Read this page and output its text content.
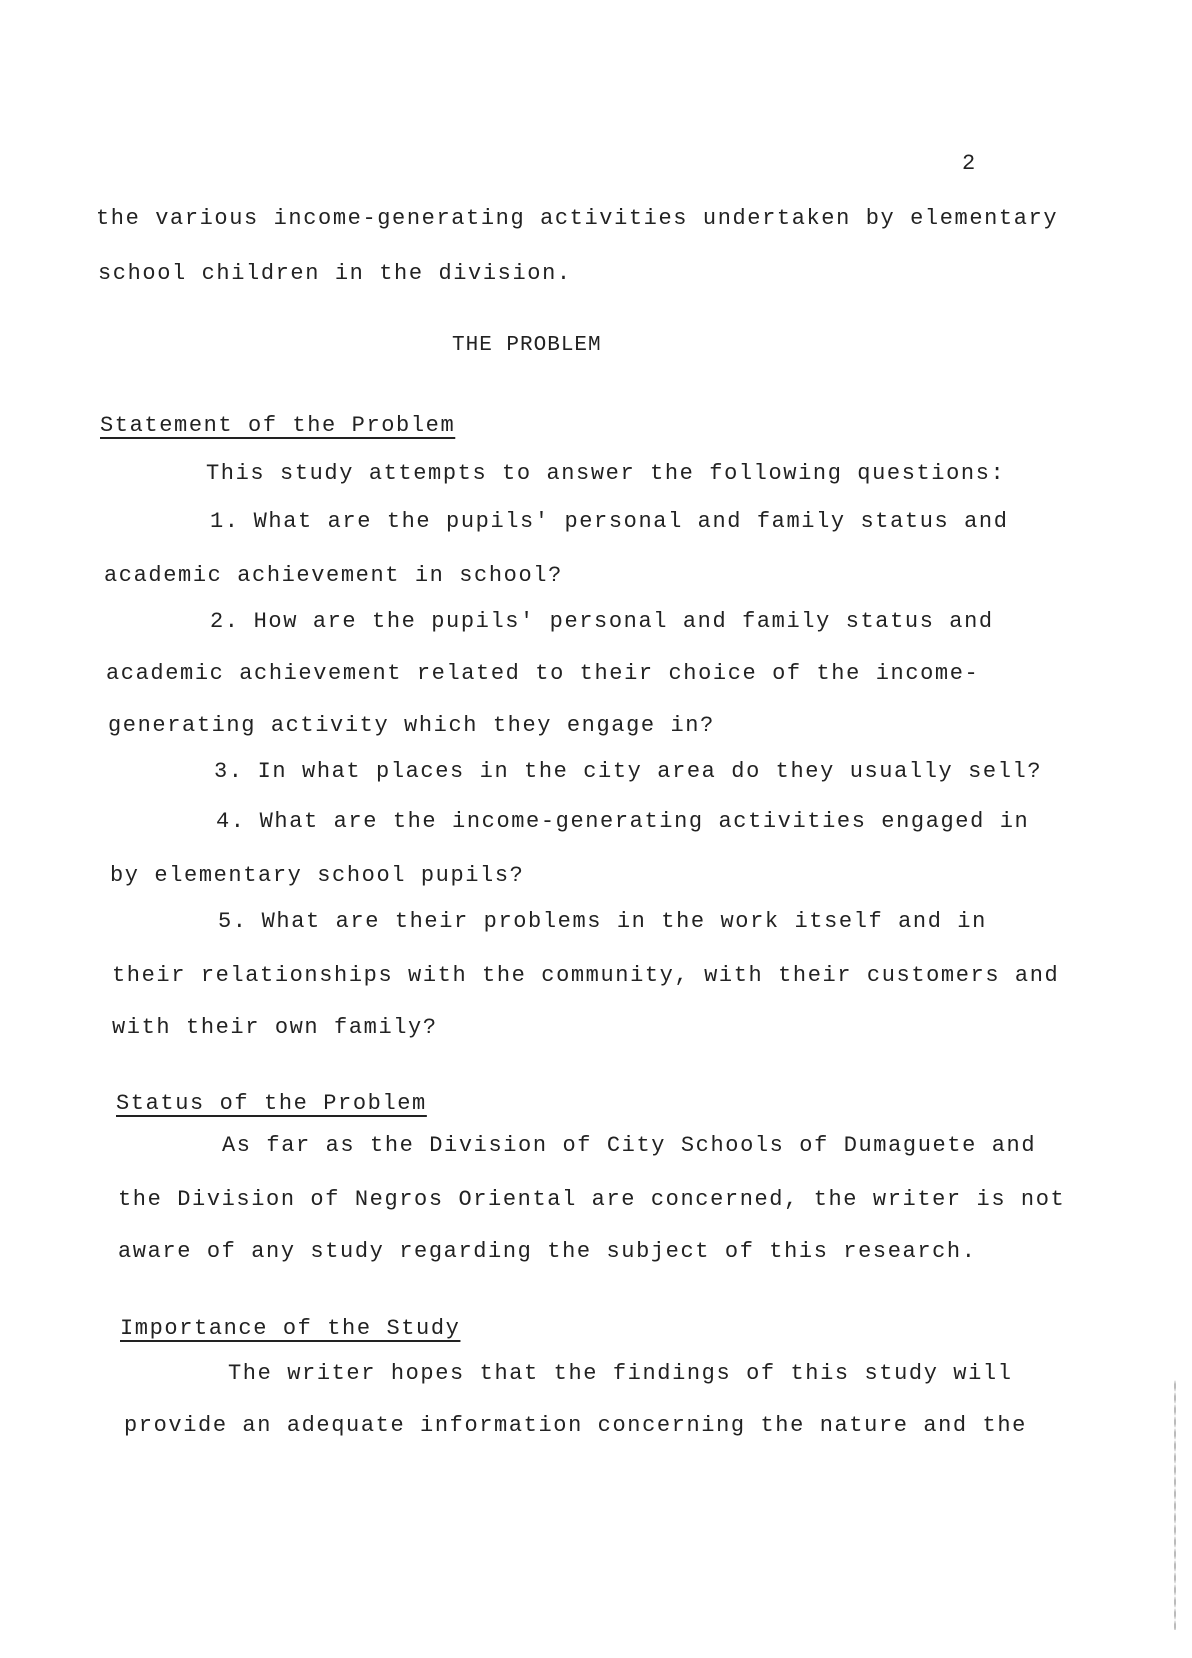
2
the various income-generating activities undertaken by elementary
school children in the division.
THE PROBLEM
Statement of the Problem
This study attempts to answer the following questions:
1. What are the pupils' personal and family status and
academic achievement in school?
2. How are the pupils' personal and family status and
academic achievement related to their choice of the income-
generating activity which they engage in?
3. In what places in the city area do they usually sell?
4. What are the income-generating activities engaged in
by elementary school pupils?
5. What are their problems in the work itself and in
their relationships with the community, with their customers and
with their own family?
Status of the Problem
As far as the Division of City Schools of Dumaguete and
the Division of Negros Oriental are concerned, the writer is not
aware of any study regarding the subject of this research.
Importance of the Study
The writer hopes that the findings of this study will
provide an adequate information concerning the nature and the
